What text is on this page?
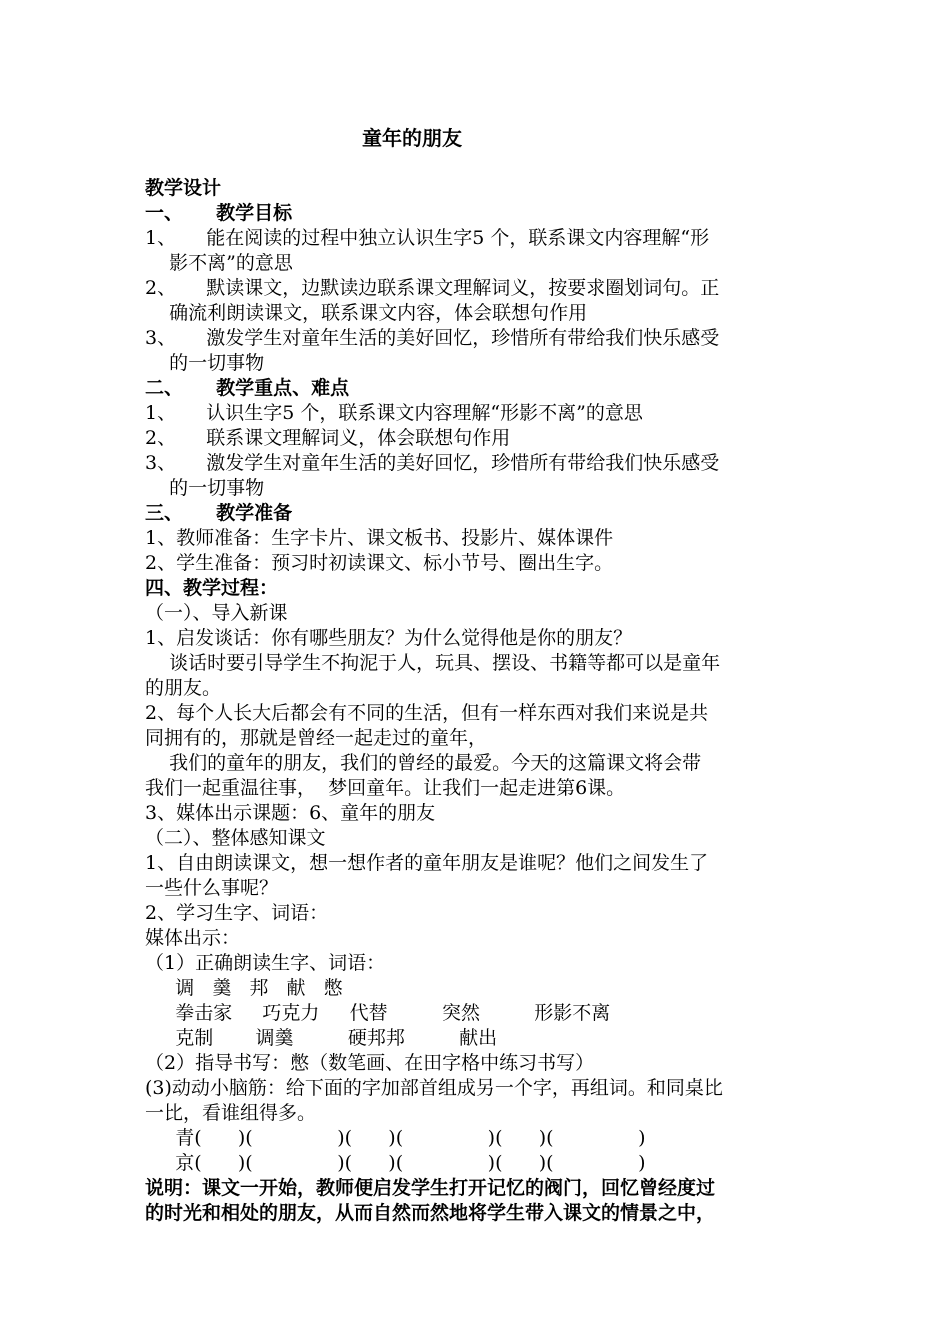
童年的朋友

教学设计

一、     教学目标

1、     能在阅读的过程中独立认识生字5 个，联系课文内容理解“形

影不离”的意思

2、     默读课文，边默读边联系课文理解词义，按要求圈划词句。正

确流利朗读课文，联系课文内容，体会联想句作用

3、     激发学生对童年生活的美好回忆，珍惜所有带给我们快乐感受

的一切事物

二、     教学重点、难点

1、     认识生字5 个，联系课文内容理解“形影不离”的意思

2、     联系课文理解词义，体会联想句作用

3、     激发学生对童年生活的美好回忆，珍惜所有带给我们快乐感受

的一切事物

三、     教学准备

1、教师准备：生字卡片、课文板书、投影片、媒体课件

2、学生准备：预习时初读课文、标小节号、圈出生字。

四、教学过程：

（一）、导入新课

1、启发谈话：你有哪些朋友？为什么觉得他是你的朋友？

谈话时要引导学生不拘泥于人，玩具、摆设、书籍等都可以是童年

的朋友。

2、每个人长大后都会有不同的生活，但有一样东西对我们来说是共

同拥有的，那就是曾经一起走过的童年，

我们的童年的朋友，我们的曾经的最爱。今天的这篇课文将会带

我们一起重温往事，  梦回童年。让我们一起走进第6课。

3、媒体出示课题：6、童年的朋友

（二）、整体感知课文

1、自由朗读课文，想一想作者的童年朋友是谁呢？他们之间发生了

一些什么事呢？

2、学习生字、词语：

媒体出示：

（1）正确朗读生字、词语：

调   羹   邦   献   憋

拳击家     巧克力     代替         突然         形影不离

克制       调羹         硬邦邦         献出

（2）指导书写：憋（数笔画、在田字格中练习书写）

(3)动动小脑筋：给下面的字加部首组成另一个字，再组词。和同桌比

一比，看谁组得多。

青(      )(              )(      )(              )(      )(              )

京(      )(              )(      )(              )(      )(              )

说明：课文一开始，教师便启发学生打开记忆的阀门，回忆曾经度过

的时光和相处的朋友，从而自然而然地将学生带入课文的情景之中，
